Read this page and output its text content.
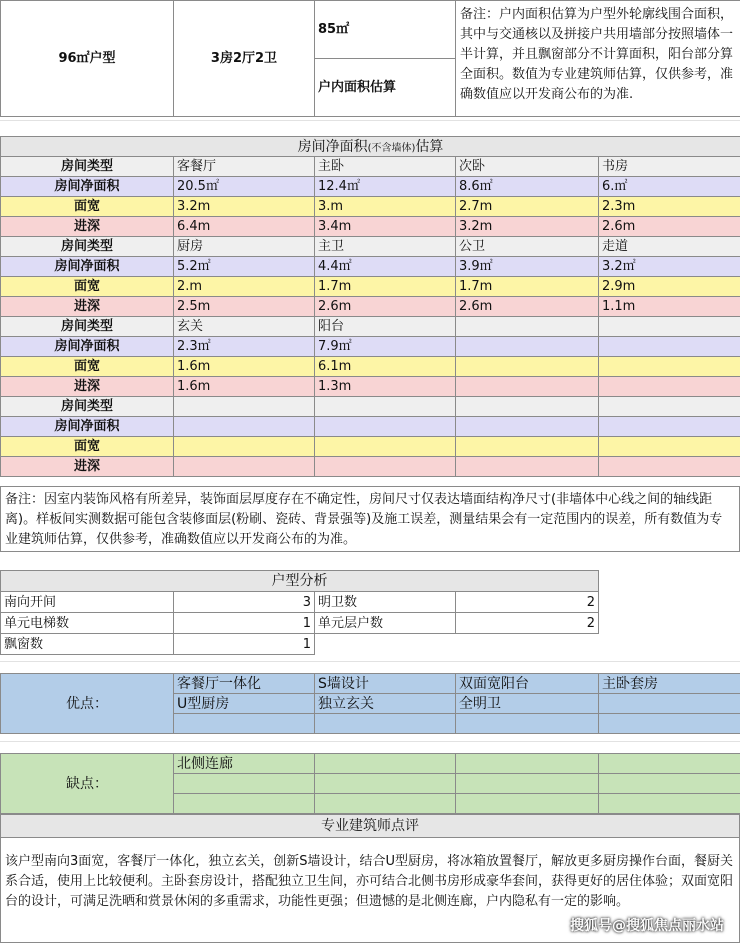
96㎡户型	3房2厅2卫	85㎡	备注：户内面积估算为户型外轮廓线围合面积，其中与交通核以及拼接户共用墙部分按照墙体一半计算，并且飘窗部分不计算面积，阳台部分算全面积。数值为专业建筑师估算，仅供参考，准确数值应以开发商公布的为准.
户内面积估算
房间净面积(不含墙体)估算				
房间类型	客餐厅	主卧	次卧	书房
房间净面积	20.5㎡	12.4㎡	8.6㎡	6.㎡
面宽	3.2m	3.m	2.7m	2.3m
进深	6.4m	3.4m	3.2m	2.6m
房间类型	厨房	主卫	公卫	走道
房间净面积	5.2㎡	4.4㎡	3.9㎡	3.2㎡
面宽	2.m	1.7m	1.7m	2.9m
进深	2.5m	2.6m	2.6m	1.1m
房间类型	玄关	阳台		
房间净面积	2.3㎡	7.9㎡		
面宽	1.6m	6.1m		
进深	1.6m	1.3m		
房间类型				
房间净面积				
面宽				
进深				
备注：因室内装饰风格有所差异，装饰面层厚度存在不确定性，房间尺寸仅表达墙面结构净尺寸(非墙体中心线之间的轴线距离)。样板间实测数据可能包含装修面层(粉刷、瓷砖、背景强等)及施工误差，测量结果会有一定范围内的误差，所有数值为专业建筑师估算，仅供参考，准确数值应以开发商公布的为准。
户型分析			
南向开间	3	明卫数	2
单元电梯数	1	单元层户数	2
飘窗数	1		
优点：	客餐厅一体化	S墙设计	双面宽阳台	主卧套房
	U型厨房	独立玄关	全明卫	

缺点：	北侧连廊			

专业建筑师点评
该户型南向3面宽，客餐厅一体化，独立玄关，创新S墙设计，结合U型厨房，将冰箱放置餐厅，解放更多厨房操作台面，餐厨关系合适，使用上比较便利。主卧套房设计，搭配独立卫生间，亦可结合北侧书房形成豪华套间，获得更好的居住体验；双面宽阳台的设计，可满足洗晒和赏景休闲的多重需求，功能性更强；但遗憾的是北侧连廊，户内隐私有一定的影响。
搜狐号@搜狐焦点丽水站
